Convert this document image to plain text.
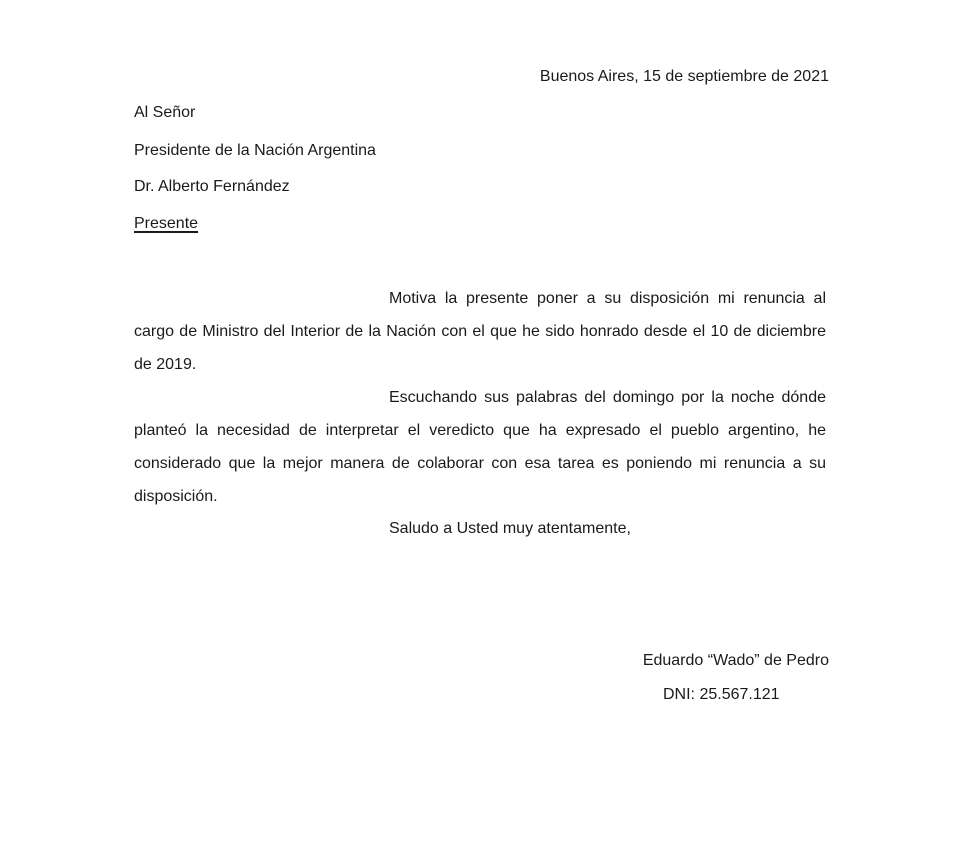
Buenos Aires, 15 de septiembre de 2021
Al Señor
Presidente de la Nación Argentina
Dr. Alberto Fernández
Presente

Motiva la presente poner a su disposición mi renuncia al cargo de Ministro del Interior de la Nación con el que he sido honrado desde el 10 de diciembre de 2019.

Escuchando sus palabras del domingo por la noche dónde planteó la necesidad de interpretar el veredicto que ha expresado el pueblo argentino, he considerado que la mejor manera de colaborar con esa tarea es poniendo mi renuncia a su disposición.

Saludo a Usted muy atentamente,
Eduardo “Wado” de Pedro
DNI: 25.567.121
